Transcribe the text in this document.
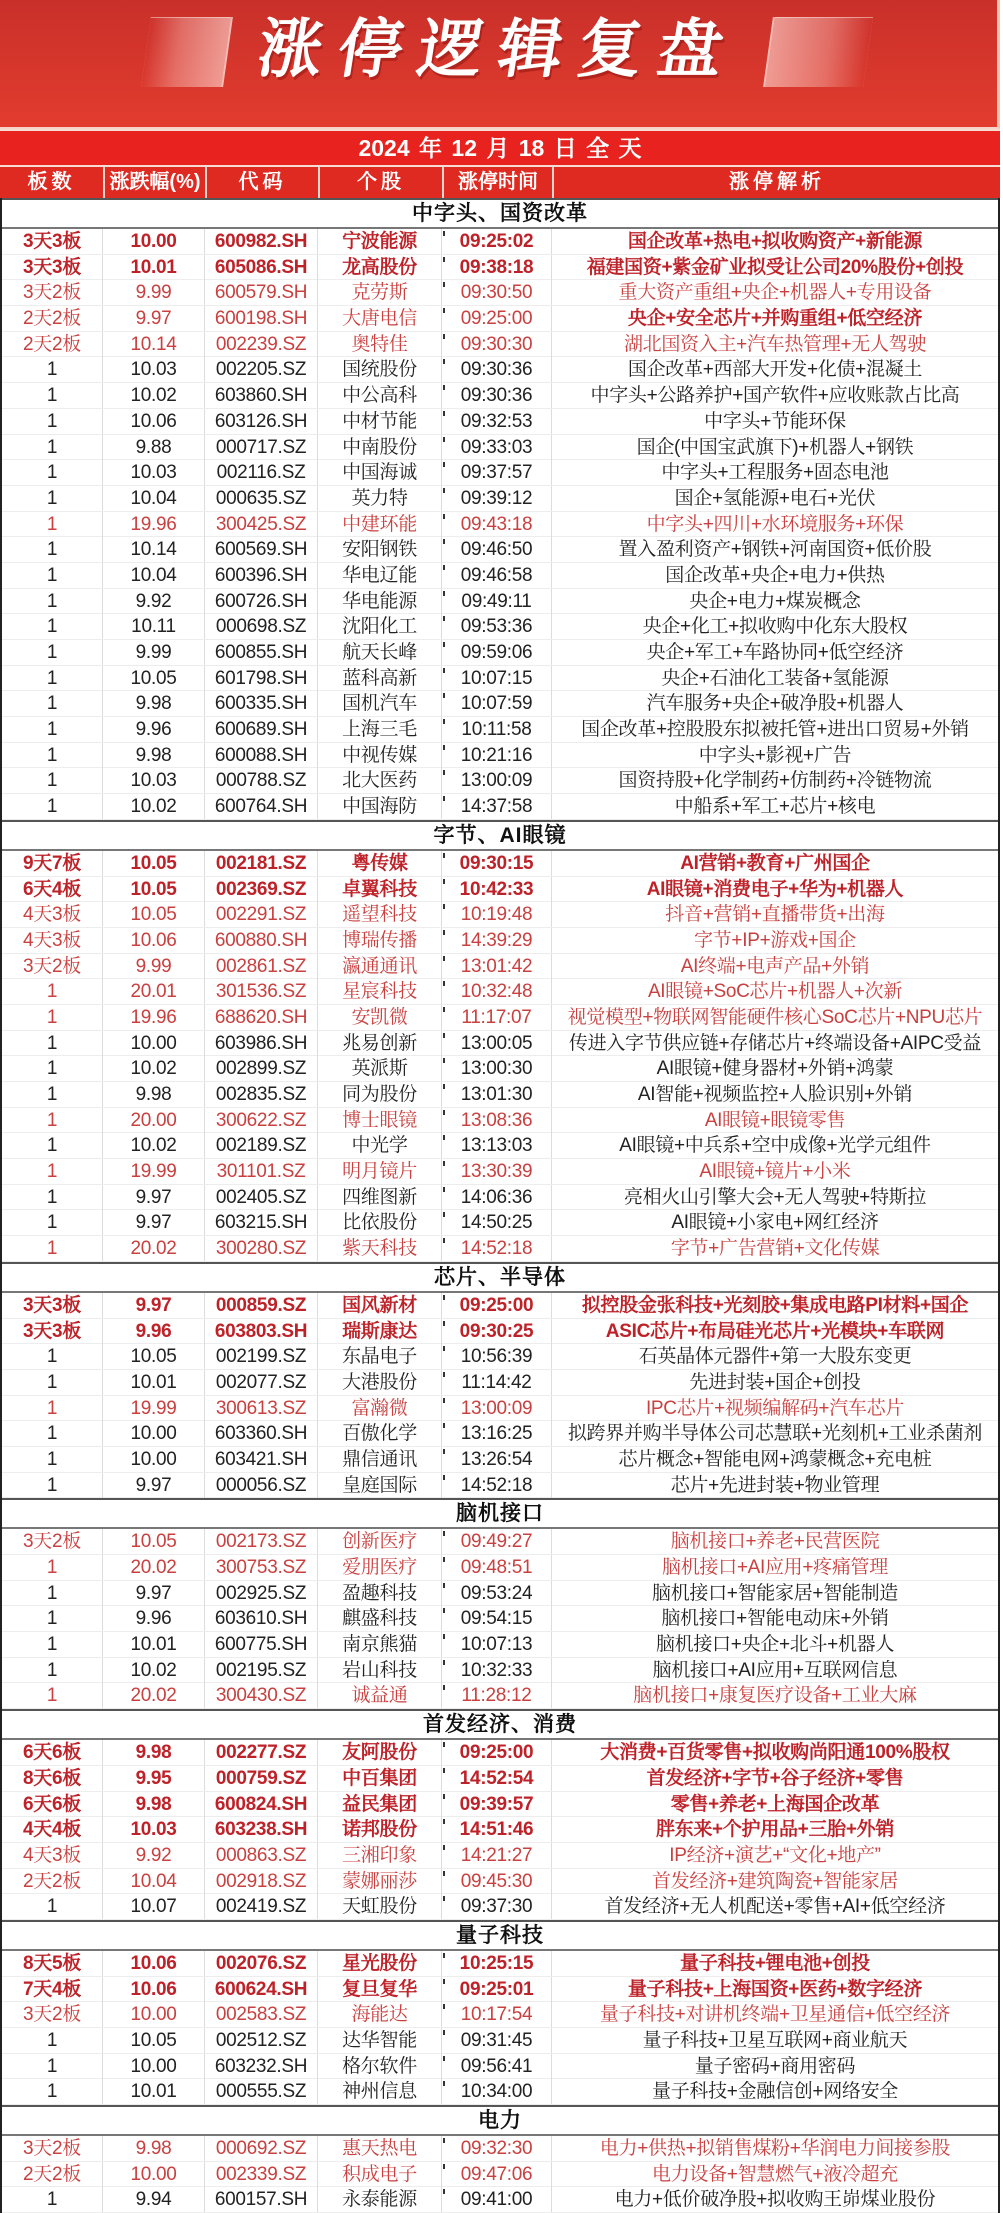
涨停逻辑复盘
2024 年 12 月 18 日 全 天
板数	涨跌幅(%)	代码	个股	涨停时间	涨停解析
中字头、国资改革
3天3板	10.00	600982.SH	宁波能源	09:25:02	国企改革+热电+拟收购资产+新能源
3天3板	10.01	605086.SH	龙高股份	09:38:18	福建国资+紫金矿业拟受让公司20%股份+创投
3天2板	9.99	600579.SH	克劳斯	09:30:50	重大资产重组+央企+机器人+专用设备
2天2板	9.97	600198.SH	大唐电信	09:25:00	央企+安全芯片+并购重组+低空经济
2天2板	10.14	002239.SZ	奥特佳	09:30:30	湖北国资入主+汽车热管理+无人驾驶
1	10.03	002205.SZ	国统股份	09:30:36	国企改革+西部大开发+化债+混凝土
1	10.02	603860.SH	中公高科	09:30:36	中字头+公路养护+国产软件+应收账款占比高
1	10.06	603126.SH	中材节能	09:32:53	中字头+节能环保
1	9.88	000717.SZ	中南股份	09:33:03	国企(中国宝武旗下)+机器人+钢铁
1	10.03	002116.SZ	中国海诚	09:37:57	中字头+工程服务+固态电池
1	10.04	000635.SZ	英力特	09:39:12	国企+氢能源+电石+光伏
1	19.96	300425.SZ	中建环能	09:43:18	中字头+四川+水环境服务+环保
1	10.14	600569.SH	安阳钢铁	09:46:50	置入盈利资产+钢铁+河南国资+低价股
1	10.04	600396.SH	华电辽能	09:46:58	国企改革+央企+电力+供热
1	9.92	600726.SH	华电能源	09:49:11	央企+电力+煤炭概念
1	10.11	000698.SZ	沈阳化工	09:53:36	央企+化工+拟收购中化东大股权
1	9.99	600855.SH	航天长峰	09:59:06	央企+军工+车路协同+低空经济
1	10.05	601798.SH	蓝科高新	10:07:15	央企+石油化工装备+氢能源
1	9.98	600335.SH	国机汽车	10:07:59	汽车服务+央企+破净股+机器人
1	9.96	600689.SH	上海三毛	10:11:58	国企改革+控股股东拟被托管+进出口贸易+外销
1	9.98	600088.SH	中视传媒	10:21:16	中字头+影视+广告
1	10.03	000788.SZ	北大医药	13:00:09	国资持股+化学制药+仿制药+冷链物流
1	10.02	600764.SH	中国海防	14:37:58	中船系+军工+芯片+核电
字节、AI眼镜
9天7板	10.05	002181.SZ	粤传媒	09:30:15	AI营销+教育+广州国企
6天4板	10.05	002369.SZ	卓翼科技	10:42:33	AI眼镜+消费电子+华为+机器人
4天3板	10.05	002291.SZ	遥望科技	10:19:48	抖音+营销+直播带货+出海
4天3板	10.06	600880.SH	博瑞传播	14:39:29	字节+IP+游戏+国企
3天2板	9.99	002861.SZ	瀛通通讯	13:01:42	AI终端+电声产品+外销
1	20.01	301536.SZ	星宸科技	10:32:48	AI眼镜+SoC芯片+机器人+次新
1	19.96	688620.SH	安凯微	11:17:07	视觉模型+物联网智能硬件核心SoC芯片+NPU芯片
1	10.00	603986.SH	兆易创新	13:00:05	传进入字节供应链+存储芯片+终端设备+AIPC受益
1	10.02	002899.SZ	英派斯	13:00:30	AI眼镜+健身器材+外销+鸿蒙
1	9.98	002835.SZ	同为股份	13:01:30	AI智能+视频监控+人脸识别+外销
1	20.00	300622.SZ	博士眼镜	13:08:36	AI眼镜+眼镜零售
1	10.02	002189.SZ	中光学	13:13:03	AI眼镜+中兵系+空中成像+光学元组件
1	19.99	301101.SZ	明月镜片	13:30:39	AI眼镜+镜片+小米
1	9.97	002405.SZ	四维图新	14:06:36	亮相火山引擎大会+无人驾驶+特斯拉
1	9.97	603215.SH	比依股份	14:50:25	AI眼镜+小家电+网红经济
1	20.02	300280.SZ	紫天科技	14:52:18	字节+广告营销+文化传媒
芯片、半导体
3天3板	9.97	000859.SZ	国风新材	09:25:00	拟控股金张科技+光刻胶+集成电路PI材料+国企
3天3板	9.96	603803.SH	瑞斯康达	09:30:25	ASIC芯片+布局硅光芯片+光模块+车联网
1	10.05	002199.SZ	东晶电子	10:56:39	石英晶体元器件+第一大股东变更
1	10.01	002077.SZ	大港股份	11:14:42	先进封装+国企+创投
1	19.99	300613.SZ	富瀚微	13:00:09	IPC芯片+视频编解码+汽车芯片
1	10.00	603360.SH	百傲化学	13:16:25	拟跨界并购半导体公司芯慧联+光刻机+工业杀菌剂
1	10.00	603421.SH	鼎信通讯	13:26:54	芯片概念+智能电网+鸿蒙概念+充电桩
1	9.97	000056.SZ	皇庭国际	14:52:18	芯片+先进封装+物业管理
脑机接口
3天2板	10.05	002173.SZ	创新医疗	09:49:27	脑机接口+养老+民营医院
1	20.02	300753.SZ	爱朋医疗	09:48:51	脑机接口+AI应用+疼痛管理
1	9.97	002925.SZ	盈趣科技	09:53:24	脑机接口+智能家居+智能制造
1	9.96	603610.SH	麒盛科技	09:54:15	脑机接口+智能电动床+外销
1	10.01	600775.SH	南京熊猫	10:07:13	脑机接口+央企+北斗+机器人
1	10.02	002195.SZ	岩山科技	10:32:33	脑机接口+AI应用+互联网信息
1	20.02	300430.SZ	诚益通	11:28:12	脑机接口+康复医疗设备+工业大麻
首发经济、消费
6天6板	9.98	002277.SZ	友阿股份	09:25:00	大消费+百货零售+拟收购尚阳通100%股权
8天6板	9.95	000759.SZ	中百集团	14:52:54	首发经济+字节+谷子经济+零售
6天6板	9.98	600824.SH	益民集团	09:39:57	零售+养老+上海国企改革
4天4板	10.03	603238.SH	诺邦股份	14:51:46	胖东来+个护用品+三胎+外销
4天3板	9.92	000863.SZ	三湘印象	14:21:27	IP经济+演艺+“文化+地产”
2天2板	10.04	002918.SZ	蒙娜丽莎	09:45:30	首发经济+建筑陶瓷+智能家居
1	10.07	002419.SZ	天虹股份	09:37:30	首发经济+无人机配送+零售+AI+低空经济
量子科技
8天5板	10.06	002076.SZ	星光股份	10:25:15	量子科技+锂电池+创投
7天4板	10.06	600624.SH	复旦复华	09:25:01	量子科技+上海国资+医药+数字经济
3天2板	10.00	002583.SZ	海能达	10:17:54	量子科技+对讲机终端+卫星通信+低空经济
1	10.05	002512.SZ	达华智能	09:31:45	量子科技+卫星互联网+商业航天
1	10.00	603232.SH	格尔软件	09:56:41	量子密码+商用密码
1	10.01	000555.SZ	神州信息	10:34:00	量子科技+金融信创+网络安全
电力
3天2板	9.98	000692.SZ	惠天热电	09:32:30	电力+供热+拟销售煤粉+华润电力间接参股
2天2板	10.00	002339.SZ	积成电子	09:47:06	电力设备+智慧燃气+液冷超充
1	9.94	600157.SH	永泰能源	09:41:00	电力+低价破净股+拟收购王峁煤业股份
